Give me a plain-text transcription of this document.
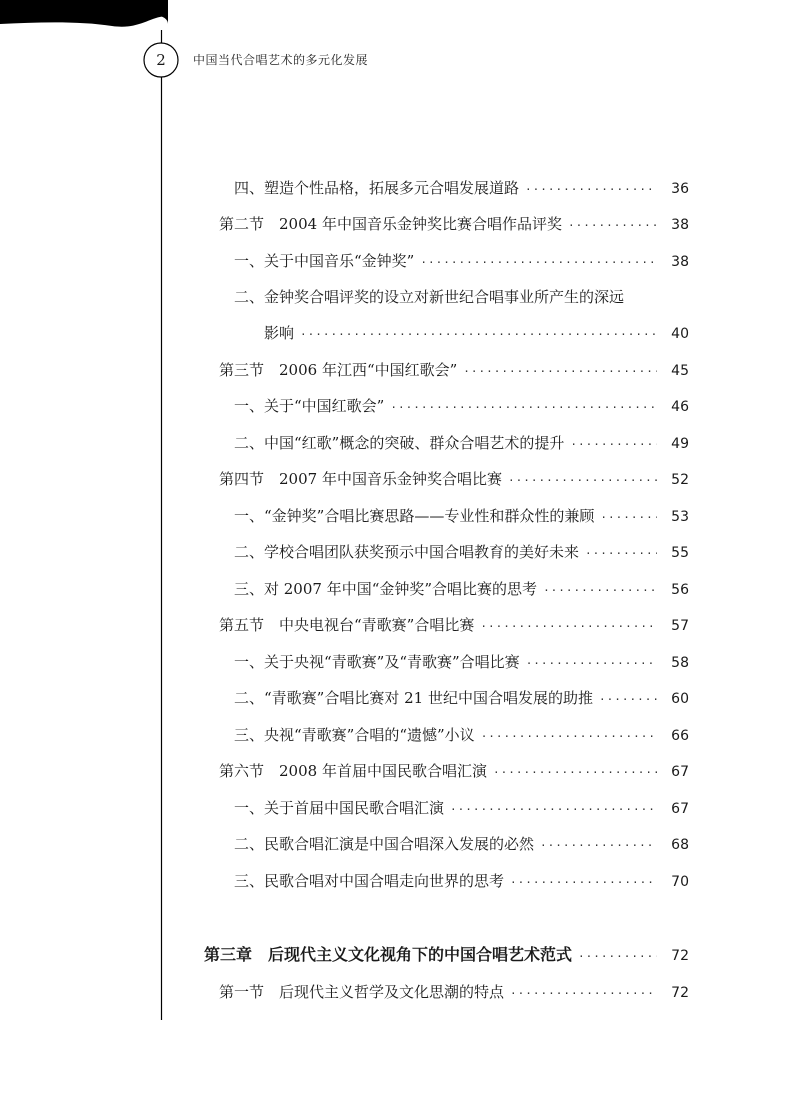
2	中国当代合唱艺术的多元化发展
四、塑造个性品格，拓展多元合唱发展道路 ·····	36
第二节　2004 年中国音乐金钟奖比赛合唱作品评奖 ·····	38
一、关于中国音乐“金钟奖” ·····	38
二、金钟奖合唱评奖的设立对新世纪合唱事业所产生的深远
影响 ·····	40
第三节　2006 年江西“中国红歌会” ·····	45
一、关于“中国红歌会” ·····	46
二、中国“红歌”概念的突破、群众合唱艺术的提升 ·····	49
第四节　2007 年中国音乐金钟奖合唱比赛 ·····	52
一、“金钟奖”合唱比赛思路——专业性和群众性的兼顾 ·····	53
二、学校合唱团队获奖预示中国合唱教育的美好未来 ·····	55
三、对 2007 年中国“金钟奖”合唱比赛的思考 ·····	56
第五节　中央电视台“青歌赛”合唱比赛 ·····	57
一、关于央视“青歌赛”及“青歌赛”合唱比赛 ·····	58
二、“青歌赛”合唱比赛对 21 世纪中国合唱发展的助推 ·····	60
三、央视“青歌赛”合唱的“遗憾”小议 ·····	66
第六节　2008 年首届中国民歌合唱汇演 ·····	67
一、关于首届中国民歌合唱汇演 ·····	67
二、民歌合唱汇演是中国合唱深入发展的必然 ·····	68
三、民歌合唱对中国合唱走向世界的思考 ·····	70
第三章　后现代主义文化视角下的中国合唱艺术范式 ·····	72
第一节　后现代主义哲学及文化思潮的特点 ·····	72
